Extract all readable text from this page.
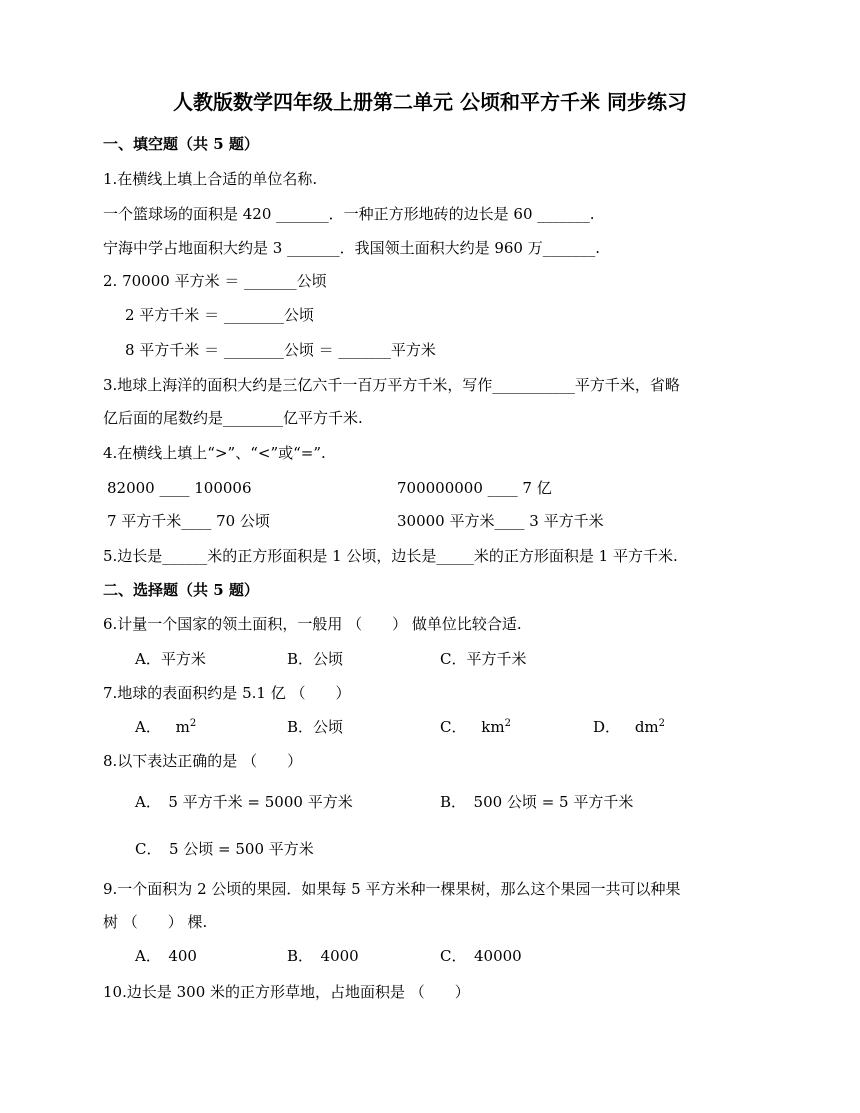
人教版数学四年级上册第二单元 公顷和平方千米 同步练习
一、填空题（共 5 题）
1.在横线上填上合适的单位名称.
一个篮球场的面积是 420 _______．一种正方形地砖的边长是 60 _______.
宁海中学占地面积大约是 3 _______．我国领土面积大约是 960 万_______.
2. 70000 平方米 ＝ _______公顷
2 平方千米 ＝ ________公顷
8 平方千米 ＝ ________公顷 ＝ _______平方米
3.地球上海洋的面积大约是三亿六千一百万平方千米，写作___________平方千米，省略
亿后面的尾数约是________亿平方千米.
4.在横线上填上“>”、“<”或“=”.
82000 ____ 100006	700000000 ____ 7 亿
7 平方千米____ 70 公顷	30000 平方米____ 3 平方千米
5.边长是______米的正方形面积是 1 公顷，边长是_____米的正方形面积是 1 平方千米.
二、选择题（共 5 题）
6.计量一个国家的领土面积，一般用 （　　） 做单位比较合适.
A．平方米	B．公顷	C．平方千米
7.地球的表面积约是 5.1 亿 （　　）
A． $m^2$	B．公顷	C． $km^2$	D． $dm^2$
8.以下表达正确的是 （　　）
A．　5 平方千米 = 5000 平方米	B．　500 公顷 = 5 平方千米
C．　5 公顷 = 500 平方米
9.一个面积为 2 公顷的果园．如果每 5 平方米种一棵果树，那么这个果园一共可以种果
树 （　　） 棵.
A．　400	B．　4000	C．　40000
10.边长是 300 米的正方形草地，占地面积是 （　　）
